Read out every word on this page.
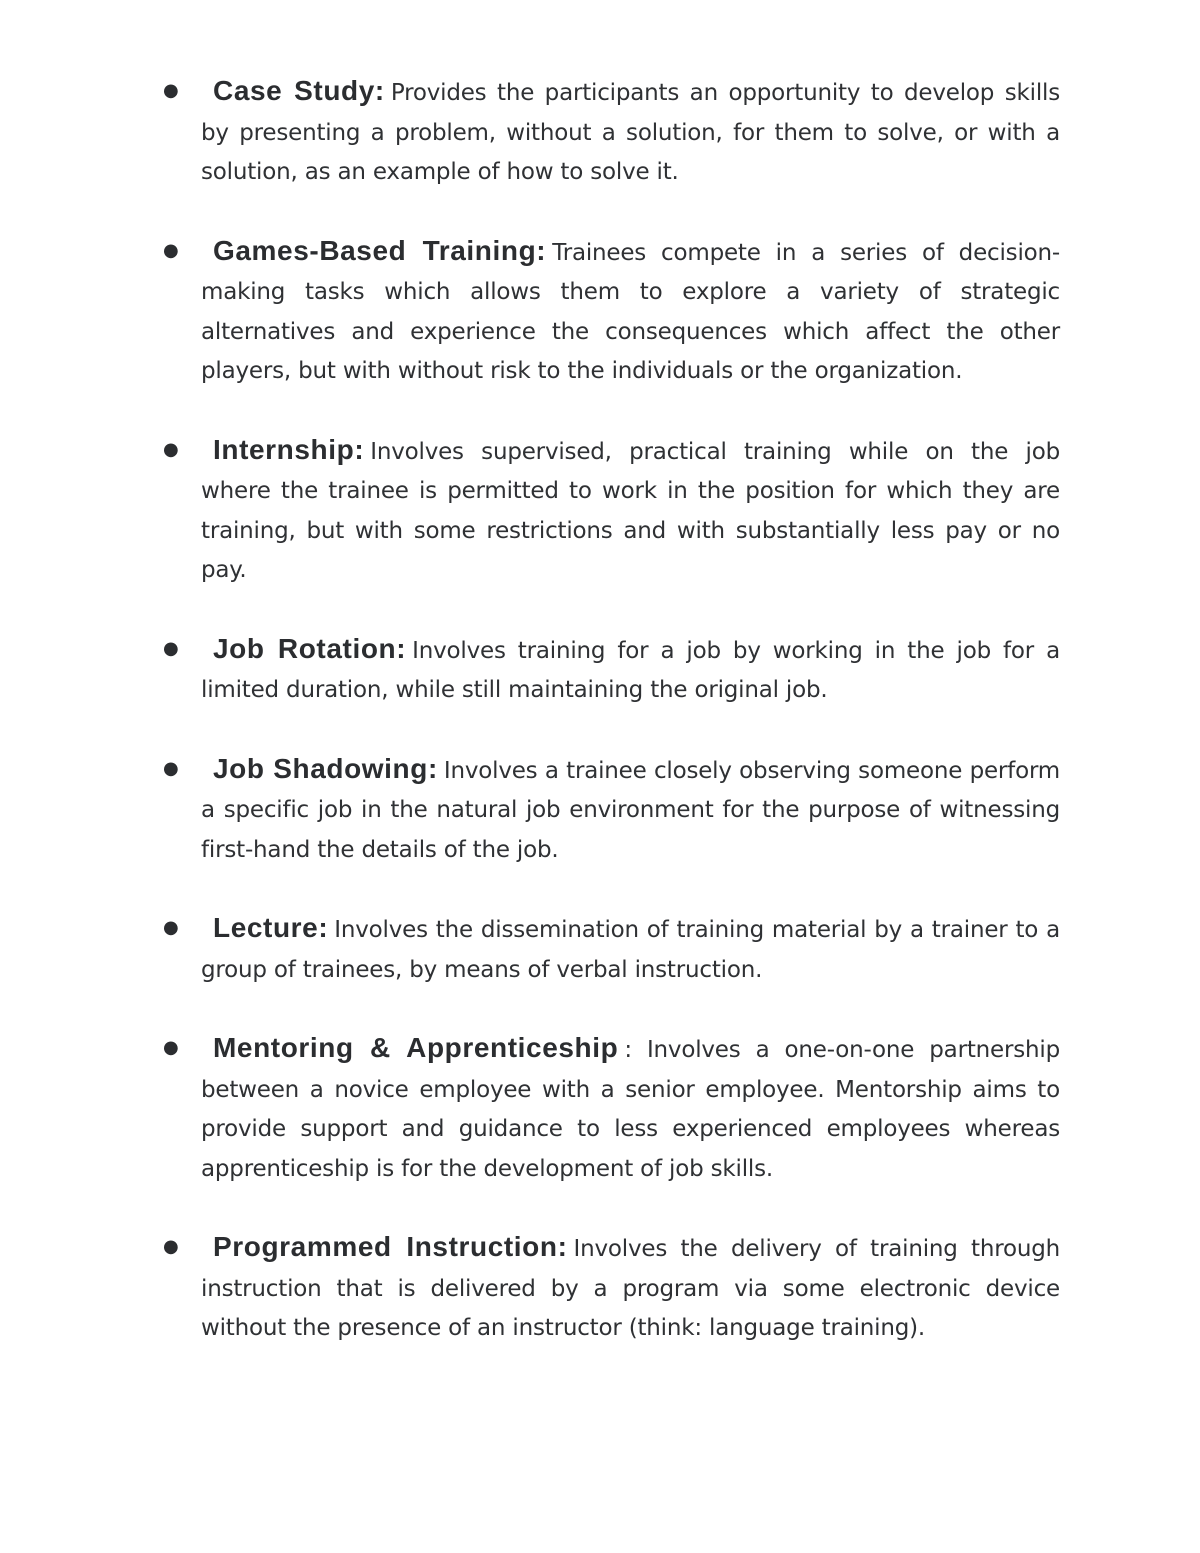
● Case Study: Provides the participants an opportunity to develop skills by presenting a problem, without a solution, for them to solve, or with a solution, as an example of how to solve it.
● Games-Based Training: Trainees compete in a series of decision-making tasks which allows them to explore a variety of strategic alternatives and experience the consequences which affect the other players, but with without risk to the individuals or the organization.
● Internship: Involves supervised, practical training while on the job where the trainee is permitted to work in the position for which they are training, but with some restrictions and with substantially less pay or no pay.
● Job Rotation: Involves training for a job by working in the job for a limited duration, while still maintaining the original job.
● Job Shadowing: Involves a trainee closely observing someone perform a specific job in the natural job environment for the purpose of witnessing first-hand the details of the job.
● Lecture: Involves the dissemination of training material by a trainer to a group of trainees, by means of verbal instruction.
● Mentoring & Apprenticeship : Involves a one-on-one partnership between a novice employee with a senior employee. Mentorship aims to provide support and guidance to less experienced employees whereas apprenticeship is for the development of job skills.
● Programmed Instruction: Involves the delivery of training through instruction that is delivered by a program via some electronic device without the presence of an instructor (think: language training).
